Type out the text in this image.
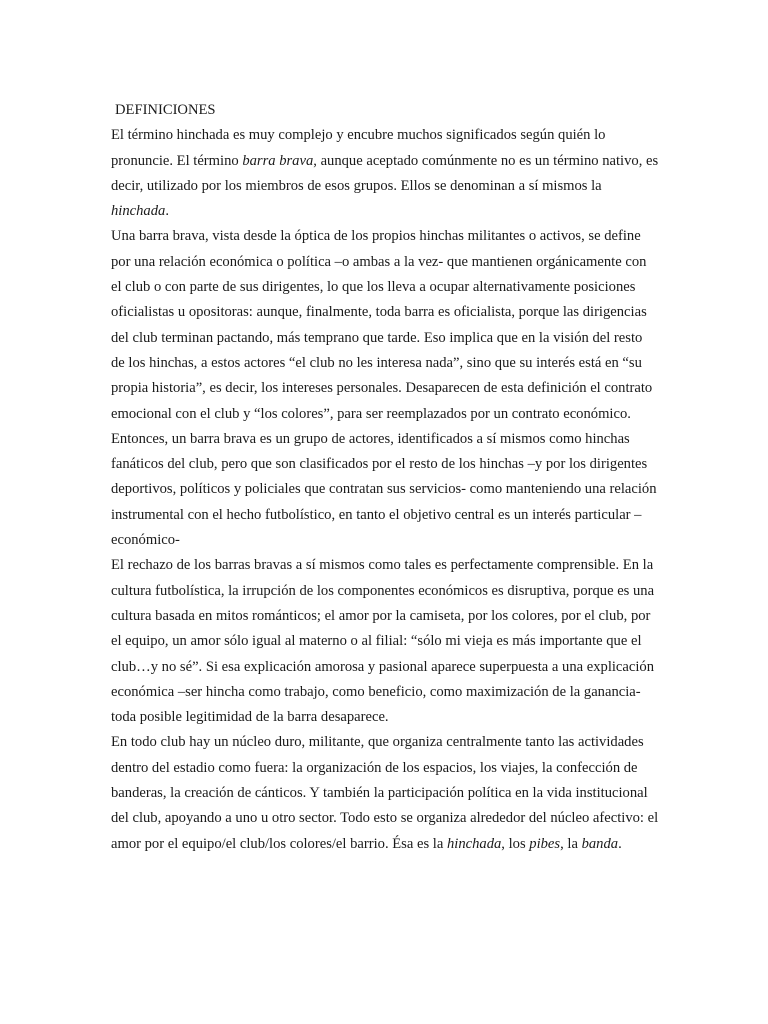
DEFINICIONES
El término hinchada es muy complejo y encubre muchos significados según quién lo pronuncie. El término barra brava, aunque aceptado comúnmente no es un término nativo, es decir, utilizado por los miembros de esos grupos. Ellos se denominan a sí mismos la hinchada.
Una barra brava, vista desde la óptica de los propios hinchas militantes o activos, se define por una relación económica o política –o ambas a la vez- que mantienen orgánicamente con el club o con parte de sus dirigentes, lo que los lleva a ocupar alternativamente posiciones oficialistas u opositoras: aunque, finalmente, toda barra es oficialista, porque las dirigencias del club terminan pactando, más temprano que tarde. Eso implica que en la visión del resto de los hinchas, a estos actores “el club no les interesa nada”, sino que su interés está en “su propia historia”, es decir, los intereses personales. Desaparecen de esta definición el contrato emocional con el club y “los colores”, para ser reemplazados por un contrato económico.
Entonces, un barra brava es un grupo de actores, identificados a sí mismos como hinchas fanáticos del club, pero que son clasificados por el resto de los hinchas –y por los dirigentes deportivos, políticos y policiales que contratan sus servicios- como manteniendo una relación instrumental con el hecho futbolístico, en tanto el objetivo central es un interés particular –económico-
El rechazo de los barras bravas a sí mismos como tales es perfectamente comprensible. En la cultura futbolística, la irrupción de los componentes económicos es disruptiva, porque es una cultura basada en mitos románticos; el amor por la camiseta, por los colores, por el club, por el equipo, un amor sólo igual al materno o al filial: “sólo mi vieja es más importante que el club…y no sé”. Si esa explicación amorosa y pasional aparece superpuesta a una explicación económica –ser hincha como trabajo, como beneficio, como maximización de la ganancia- toda posible legitimidad de la barra desaparece.
En todo club hay un núcleo duro, militante, que organiza centralmente tanto las actividades dentro del estadio como fuera: la organización de los espacios, los viajes, la confección de banderas, la creación de cánticos. Y también la participación política en la vida institucional del club, apoyando a uno u otro sector. Todo esto se organiza alrededor del núcleo afectivo: el amor por el equipo/el club/los colores/el barrio. Ésa es la hinchada, los pibes, la banda.
